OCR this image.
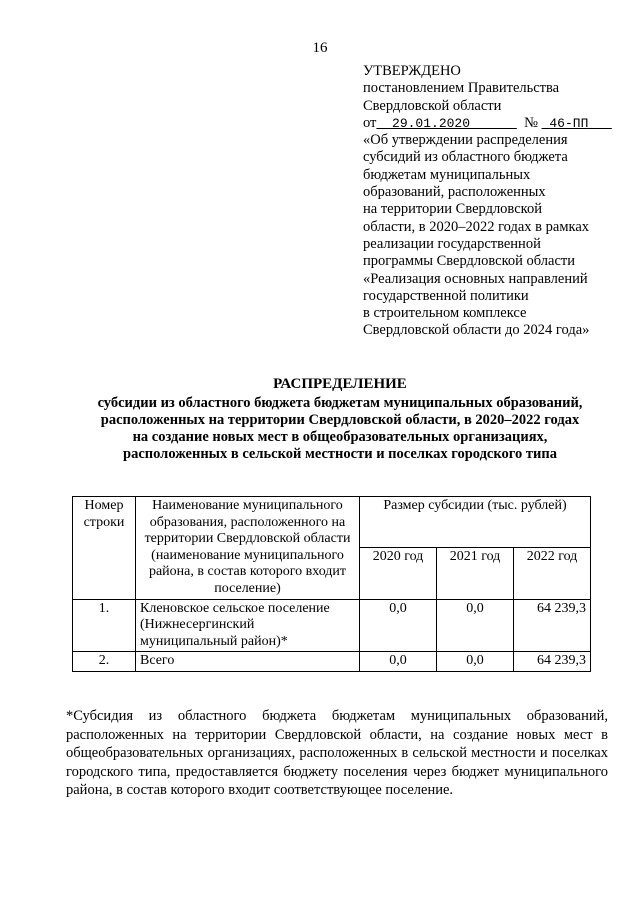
16
УТВЕРЖДЕНО
постановлением Правительства
Свердловской области
от 29.01.2020	№ 46-ПП
«Об утверждении распределения
субсидий из областного бюджета
бюджетам муниципальных
образований, расположенных
на территории Свердловской
области, в 2020–2022 годах в рамках
реализации государственной
программы Свердловской области
«Реализация основных направлений
государственной политики
в строительном комплексе
Свердловской области до 2024 года»
РАСПРЕДЕЛЕНИЕ
субсидии из областного бюджета бюджетам муниципальных образований,
расположенных на территории Свердловской области, в 2020–2022 годах
на создание новых мест в общеобразовательных организациях,
расположенных в сельской местности и поселках городского типа
Номер строки	Наименование муниципального образования, расположенного на территории Свердловской области (наименование муниципального района, в состав которого входит поселение)	Размер субсидии (тыс. рублей)		
		2020 год	2021 год	2022 год
1.	Кленовское сельское поселение (Нижнесергинский муниципальный район)*	0,0	0,0	64 239,3
2.	Всего	0,0	0,0	64 239,3
*Субсидия из областного бюджета бюджетам муниципальных образований, расположенных на территории Свердловской области, на создание новых мест в общеобразовательных организациях, расположенных в сельской местности и поселках городского типа, предоставляется бюджету поселения через бюджет муниципального района, в состав которого входит соответствующее поселение.
